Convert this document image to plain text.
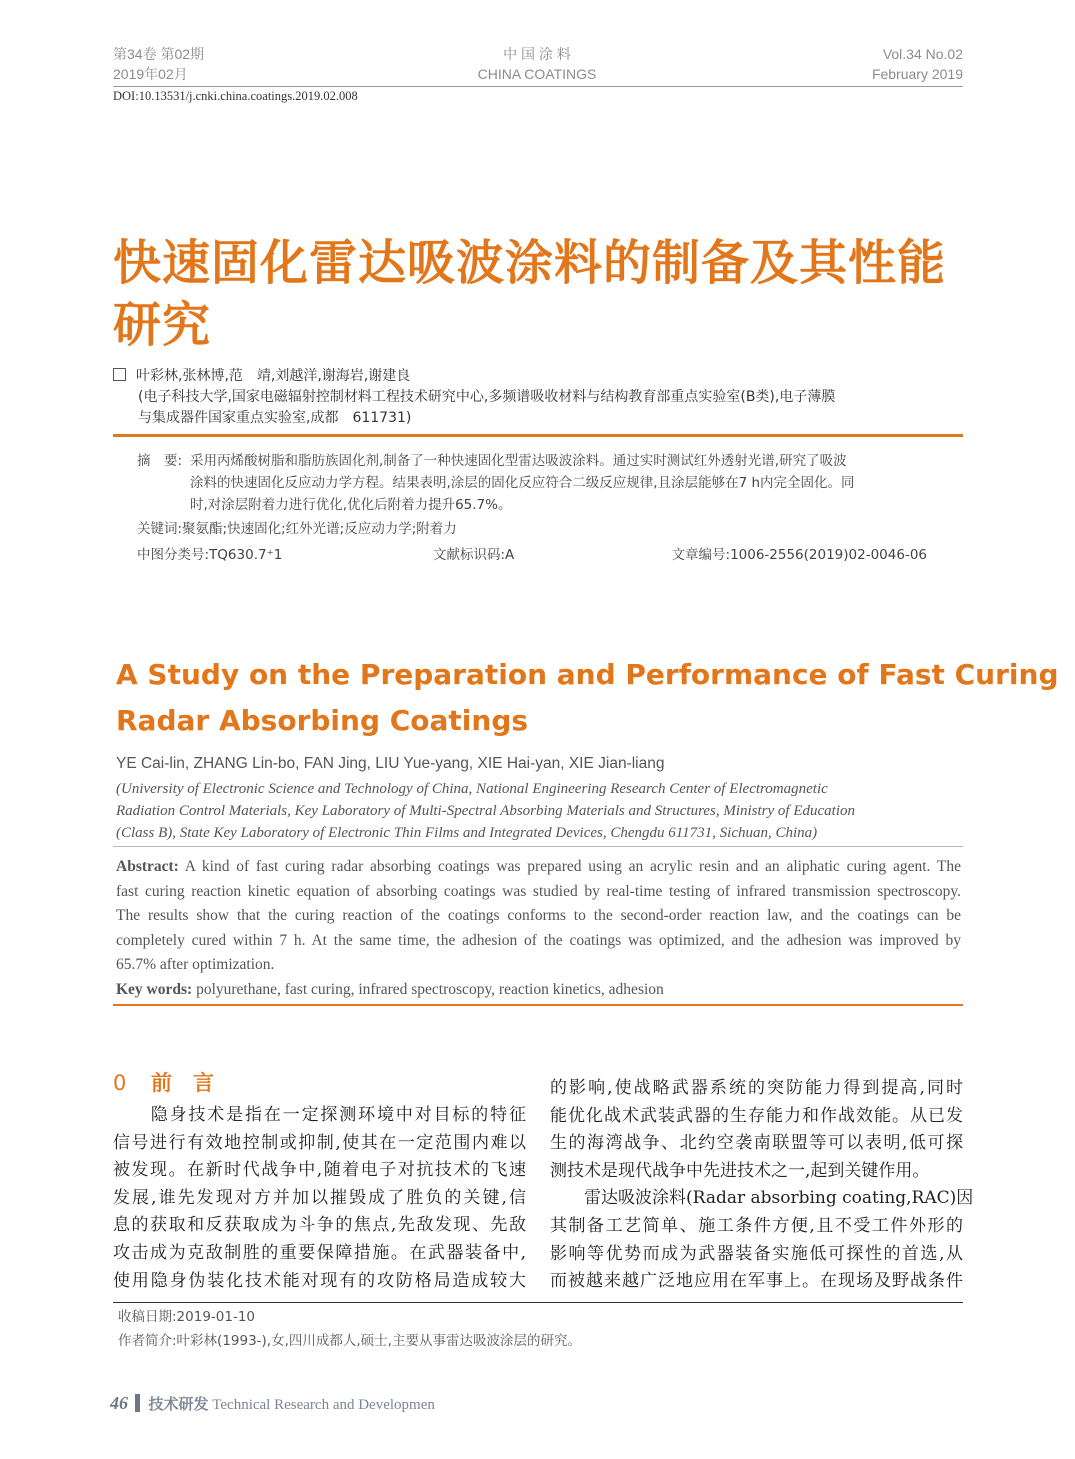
第34卷 第02期
2019年02月
中 国 涂 料
CHINA COATINGS
Vol.34 No.02
February 2019
DOI:10.13531/j.cnki.china.coatings.2019.02.008
快速固化雷达吸波涂料的制备及其性能
研究
叶彩林,张林博,范　靖,刘越洋,谢海岩,谢建良
(电子科技大学,国家电磁辐射控制材料工程技术研究中心,多频谱吸收材料与结构教育部重点实验室(B类),电子薄膜
与集成器件国家重点实验室,成都　611731)
摘　要: 采用丙烯酸树脂和脂肪族固化剂,制备了一种快速固化型雷达吸波涂料。通过实时测试红外透射光谱,研究了吸波
涂料的快速固化反应动力学方程。结果表明,涂层的固化反应符合二级反应规律,且涂层能够在7 h内完全固化。同
时,对涂层附着力进行优化,优化后附着力提升65.7%。
关键词:聚氨酯;快速固化;红外光谱;反应动力学;附着力
中图分类号:TQ630.7⁺1	文献标识码:A	文章编号:1006-2556(2019)02-0046-06
A Study on the Preparation and Performance of Fast Curing
Radar Absorbing Coatings
YE Cai-lin, ZHANG Lin-bo, FAN Jing, LIU Yue-yang, XIE Hai-yan, XIE Jian-liang
(University of Electronic Science and Technology of China, National Engineering Research Center of Electromagnetic
Radiation Control Materials, Key Laboratory of Multi-Spectral Absorbing Materials and Structures, Ministry of Education
(Class B), State Key Laboratory of Electronic Thin Films and Integrated Devices, Chengdu 611731, Sichuan, China)
Abstract: A kind of fast curing radar absorbing coatings was prepared using an acrylic resin and an aliphatic curing agent. The
fast curing reaction kinetic equation of absorbing coatings was studied by real-time testing of infrared transmission spectroscopy.
The results show that the curing reaction of the coatings conforms to the second-order reaction law, and the coatings can be
completely cured within 7 h. At the same time, the adhesion of the coatings was optimized, and the adhesion was improved by
65.7% after optimization.
Key words: polyurethane, fast curing, infrared spectroscopy, reaction kinetics, adhesion
0 前　言
　　隐身技术是指在一定探测环境中对目标的特征
信号进行有效地控制或抑制,使其在一定范围内难以
被发现。在新时代战争中,随着电子对抗技术的飞速
发展,谁先发现对方并加以摧毁成了胜负的关键,信
息的获取和反获取成为斗争的焦点,先敌发现、先敌
攻击成为克敌制胜的重要保障措施。在武器装备中,
使用隐身伪装化技术能对现有的攻防格局造成较大
的影响,使战略武器系统的突防能力得到提高,同时
能优化战术武装武器的生存能力和作战效能。从已发
生的海湾战争、北约空袭南联盟等可以表明,低可探
测技术是现代战争中先进技术之一,起到关键作用。
　　雷达吸波涂料(Radar absorbing coating,RAC)因
其制备工艺简单、施工条件方便,且不受工件外形的
影响等优势而成为武器装备实施低可探性的首选,从
而被越来越广泛地应用在军事上。在现场及野战条件
收稿日期:2019-01-10
作者简介:叶彩林(1993-),女,四川成都人,硕士,主要从事雷达吸波涂层的研究。
46 技术研发 Technical Research and Developmen
